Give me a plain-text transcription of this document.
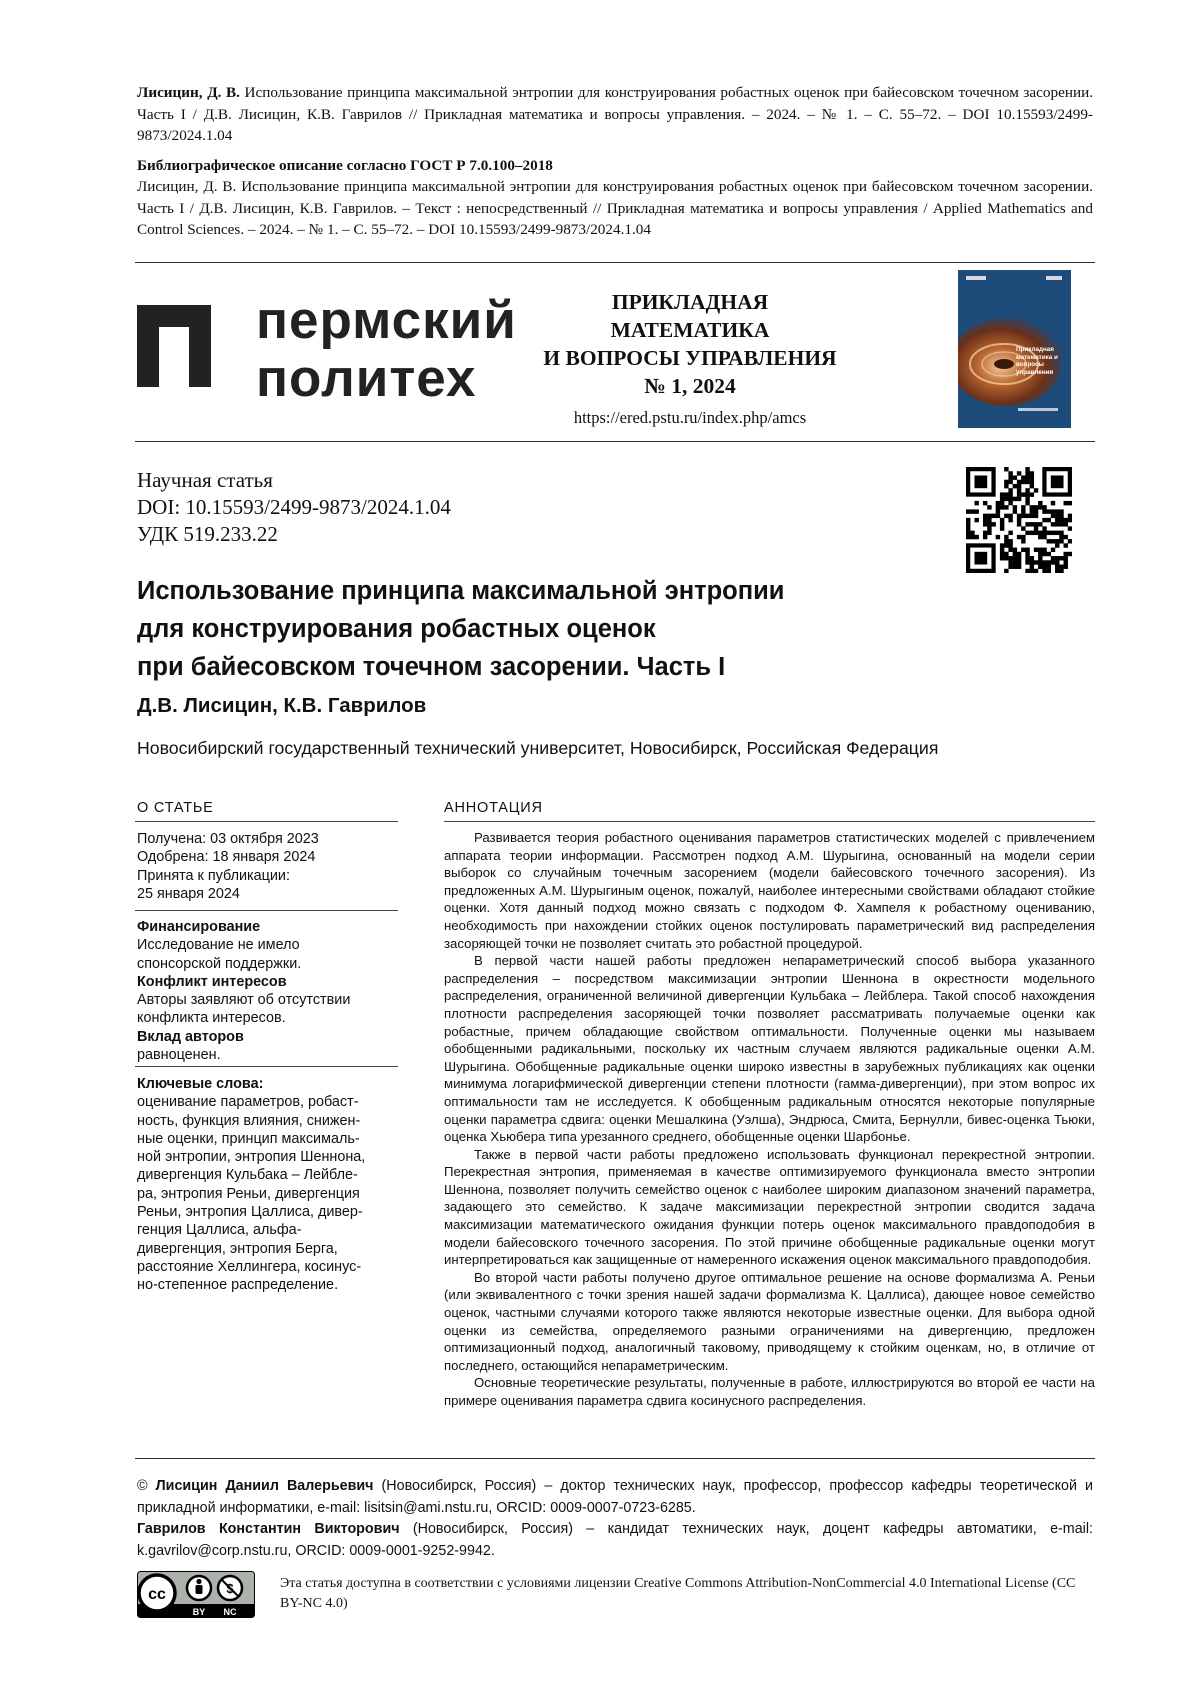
Лисицин, Д. В. Использование принципа максимальной энтропии для конструирования робастных оценок при байесовском точечном засорении. Часть I / Д.В. Лисицин, К.В. Гаврилов // Прикладная математика и вопросы управления. – 2024. – № 1. – С. 55–72. – DOI 10.15593/2499-9873/2024.1.04

Библиографическое описание согласно ГОСТ Р 7.0.100–2018
Лисицин, Д. В. Использование принципа максимальной энтропии для конструирования робастных оценок при байесовском точечном засорении. Часть I / Д.В. Лисицин, К.В. Гаврилов. – Текст : непосредственный // Прикладная математика и вопросы управления / Applied Mathematics and Control Sciences. – 2024. – № 1. – С. 55–72. – DOI 10.15593/2499-9873/2024.1.04

пермский
политех
ПРИКЛАДНАЯ МАТЕМАТИКА
И ВОПРОСЫ УПРАВЛЕНИЯ
№ 1, 2024
https://ered.pstu.ru/index.php/amcs
Прикладная математика и вопросы управления
Научная статья
DOI: 10.15593/2499-9873/2024.1.04
УДК 519.233.22
Использование принципа максимальной энтропии
для конструирования робастных оценок
при байесовском точечном засорении. Часть I
Д.В. Лисицин, К.В. Гаврилов
Новосибирский государственный технический университет, Новосибирск, Российская Федерация
О СТАТЬЕ	АННОТАЦИЯ
Получена: 03 октября 2023
Одобрена: 18 января 2024
Принята к публикации:
25 января 2024
Финансирование
Исследование не имело
спонсорской поддержки.
Конфликт интересов
Авторы заявляют об отсутствии
конфликта интересов.
Вклад авторов
равноценен.
Ключевые слова:
оценивание параметров, робаст-
ность, функция влияния, снижен-
ные оценки, принцип максималь-
ной энтропии, энтропия Шеннона,
дивергенция Кульбака – Лейбле-
ра, энтропия Реньи, дивергенция
Реньи, энтропия Цаллиса, дивер-
генция Цаллиса, альфа-
дивергенция, энтропия Берга,
расстояние Хеллингера, косинус-
но-степенное распределение.

Развивается теория робастного оценивания параметров статистических моделей с привлечением аппарата теории информации. Рассмотрен подход А.М. Шурыгина, основанный на модели серии выборок со случайным точечным засорением (модели байесовского точечного засорения). Из предложенных А.М. Шурыгиным оценок, пожалуй, наиболее интересными свойствами обладают стойкие оценки. Хотя данный подход можно связать с подходом Ф. Хампеля к робастному оцениванию, необходимость при нахождении стойких оценок постулировать параметрический вид распределения засоряющей точки не позволяет считать это робастной процедурой.

В первой части нашей работы предложен непараметрический способ выбора указанного распределения – посредством максимизации энтропии Шеннона в окрестности модельного распределения, ограниченной величиной дивергенции Кульбака – Лейблера. Такой способ нахождения плотности распределения засоряющей точки позволяет рассматривать получаемые оценки как робастные, причем обладающие свойством оптимальности. Полученные оценки мы называем обобщенными радикальными, поскольку их частным случаем являются радикальные оценки А.М. Шурыгина. Обобщенные радикальные оценки широко известны в зарубежных публикациях как оценки минимума логарифмической дивергенции степени плотности (гамма-дивергенции), при этом вопрос их оптимальности там не исследуется. К обобщенным радикальным относятся некоторые популярные оценки параметра сдвига: оценки Мешалкина (Уэлша), Эндрюса, Смита, Бернулли, бивес-оценка Тьюки, оценка Хьюбера типа урезанного среднего, обобщенные оценки Шарбонье.

Также в первой части работы предложено использовать функционал перекрестной энтропии. Перекрестная энтропия, применяемая в качестве оптимизируемого функционала вместо энтропии Шеннона, позволяет получить семейство оценок с наиболее широким диапазоном значений параметра, задающего это семейство. К задаче максимизации перекрестной энтропии сводится задача максимизации математического ожидания функции потерь оценок максимального правдоподобия в модели байесовского точечного засорения. По этой причине обобщенные радикальные оценки могут интерпретироваться как защищенные от намеренного искажения оценок максимального правдоподобия.

Во второй части работы получено другое оптимальное решение на основе формализма А. Реньи (или эквивалентного с точки зрения нашей задачи формализма К. Цаллиса), дающее новое семейство оценок, частными случаями которого также являются некоторые известные оценки. Для выбора одной оценки из семейства, определяемого разными ограничениями на дивергенцию, предложен оптимизационный подход, аналогичный таковому, приводящему к стойким оценкам, но, в отличие от последнего, остающийся непараметрическим.

Основные теоретические результаты, полученные в работе, иллюстрируются во второй ее части на примере оценивания параметра сдвига косинусного распределения.

© Лисицин Даниил Валерьевич (Новосибирск, Россия) – доктор технических наук, профессор, профессор кафедры теоретической и прикладной информатики, e-mail: lisitsin@ami.nstu.ru, ORCID: 0009-0007-0723-6285.

Гаврилов Константин Викторович (Новосибирск, Россия) – кандидат технических наук, доцент кафедры автоматики, e-mail: k.gavrilov@corp.nstu.ru, ORCID: 0009-0001-9252-9942.

$
cc
BY NC
Эта статья доступна в соответствии с условиями лицензии Creative Commons Attribution-NonCommercial 4.0 International License (CC BY-NC 4.0)
